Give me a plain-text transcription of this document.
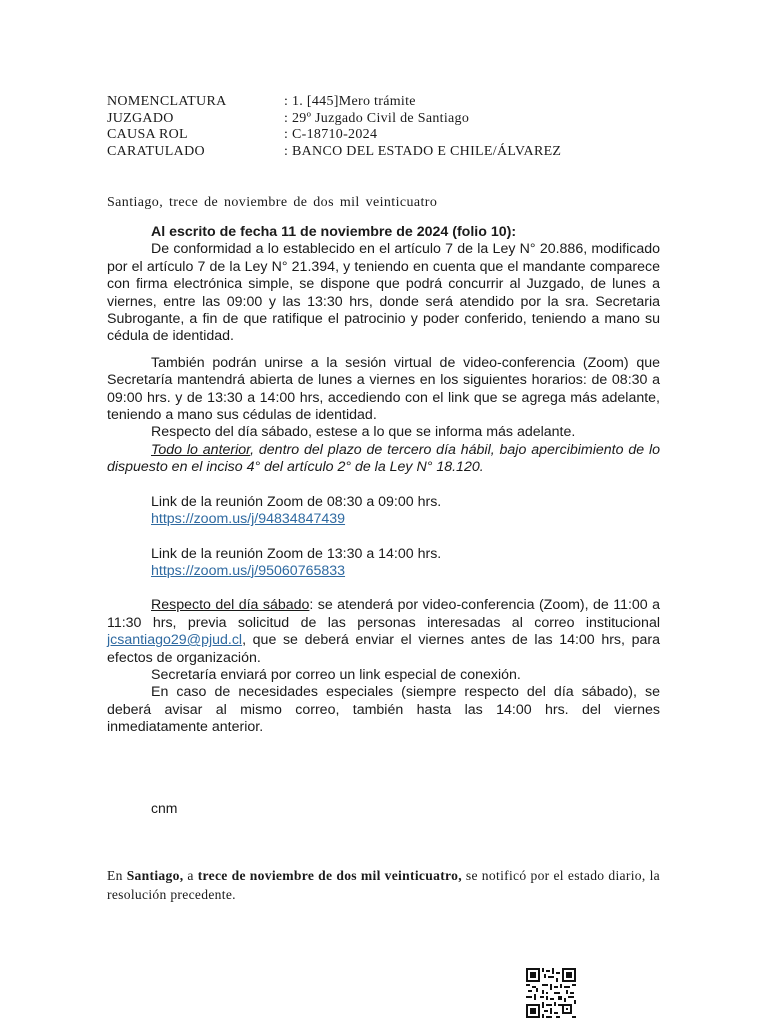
NOMENCLATURA	: 1. [445]Mero trámite
JUZGADO	: 29º Juzgado Civil de Santiago
CAUSA ROL	: C-18710-2024
CARATULADO	: BANCO DEL ESTADO E CHILE/ÁLVAREZ
Santiago, trece de noviembre de dos mil veinticuatro

Al escrito de fecha 11 de noviembre de 2024 (folio 10):

De conformidad a lo establecido en el artículo 7 de la Ley N° 20.886, modificado por el artículo 7 de la Ley N° 21.394, y teniendo en cuenta que el mandante comparece con firma electrónica simple, se dispone que podrá concurrir al Juzgado, de lunes a viernes, entre las 09:00 y las 13:30 hrs, donde será atendido por la sra. Secretaria Subrogante, a fin de que ratifique el patrocinio y poder conferido, teniendo a mano su cédula de identidad.

También podrán unirse a la sesión virtual de video-conferencia (Zoom) que Secretaría mantendrá abierta de lunes a viernes en los siguientes horarios: de 08:30 a 09:00 hrs. y de 13:30 a 14:00 hrs, accediendo con el link que se agrega más adelante, teniendo a mano sus cédulas de identidad.

Respecto del día sábado, estese a lo que se informa más adelante.

Todo lo anterior, dentro del plazo de tercero día hábil, bajo apercibimiento de lo dispuesto en el inciso 4° del artículo 2° de la Ley N° 18.120.

Link de la reunión Zoom de 08:30 a 09:00 hrs.

https://zoom.us/j/94834847439

Link de la reunión Zoom de 13:30 a 14:00 hrs.

https://zoom.us/j/95060765833

Respecto del día sábado: se atenderá por video-conferencia (Zoom), de 11:00 a 11:30 hrs, previa solicitud de las personas interesadas al correo institucional jcsantiago29@pjud.cl, que se deberá enviar el viernes antes de las 14:00 hrs, para efectos de organización.

Secretaría enviará por correo un link especial de conexión.

En caso de necesidades especiales (siempre respecto del día sábado), se deberá avisar al mismo correo, también hasta las 14:00 hrs. del viernes inmediatamente anterior.

cnm
En Santiago, a trece de noviembre de dos mil veinticuatro, se notificó por el estado diario, la resolución precedente.
